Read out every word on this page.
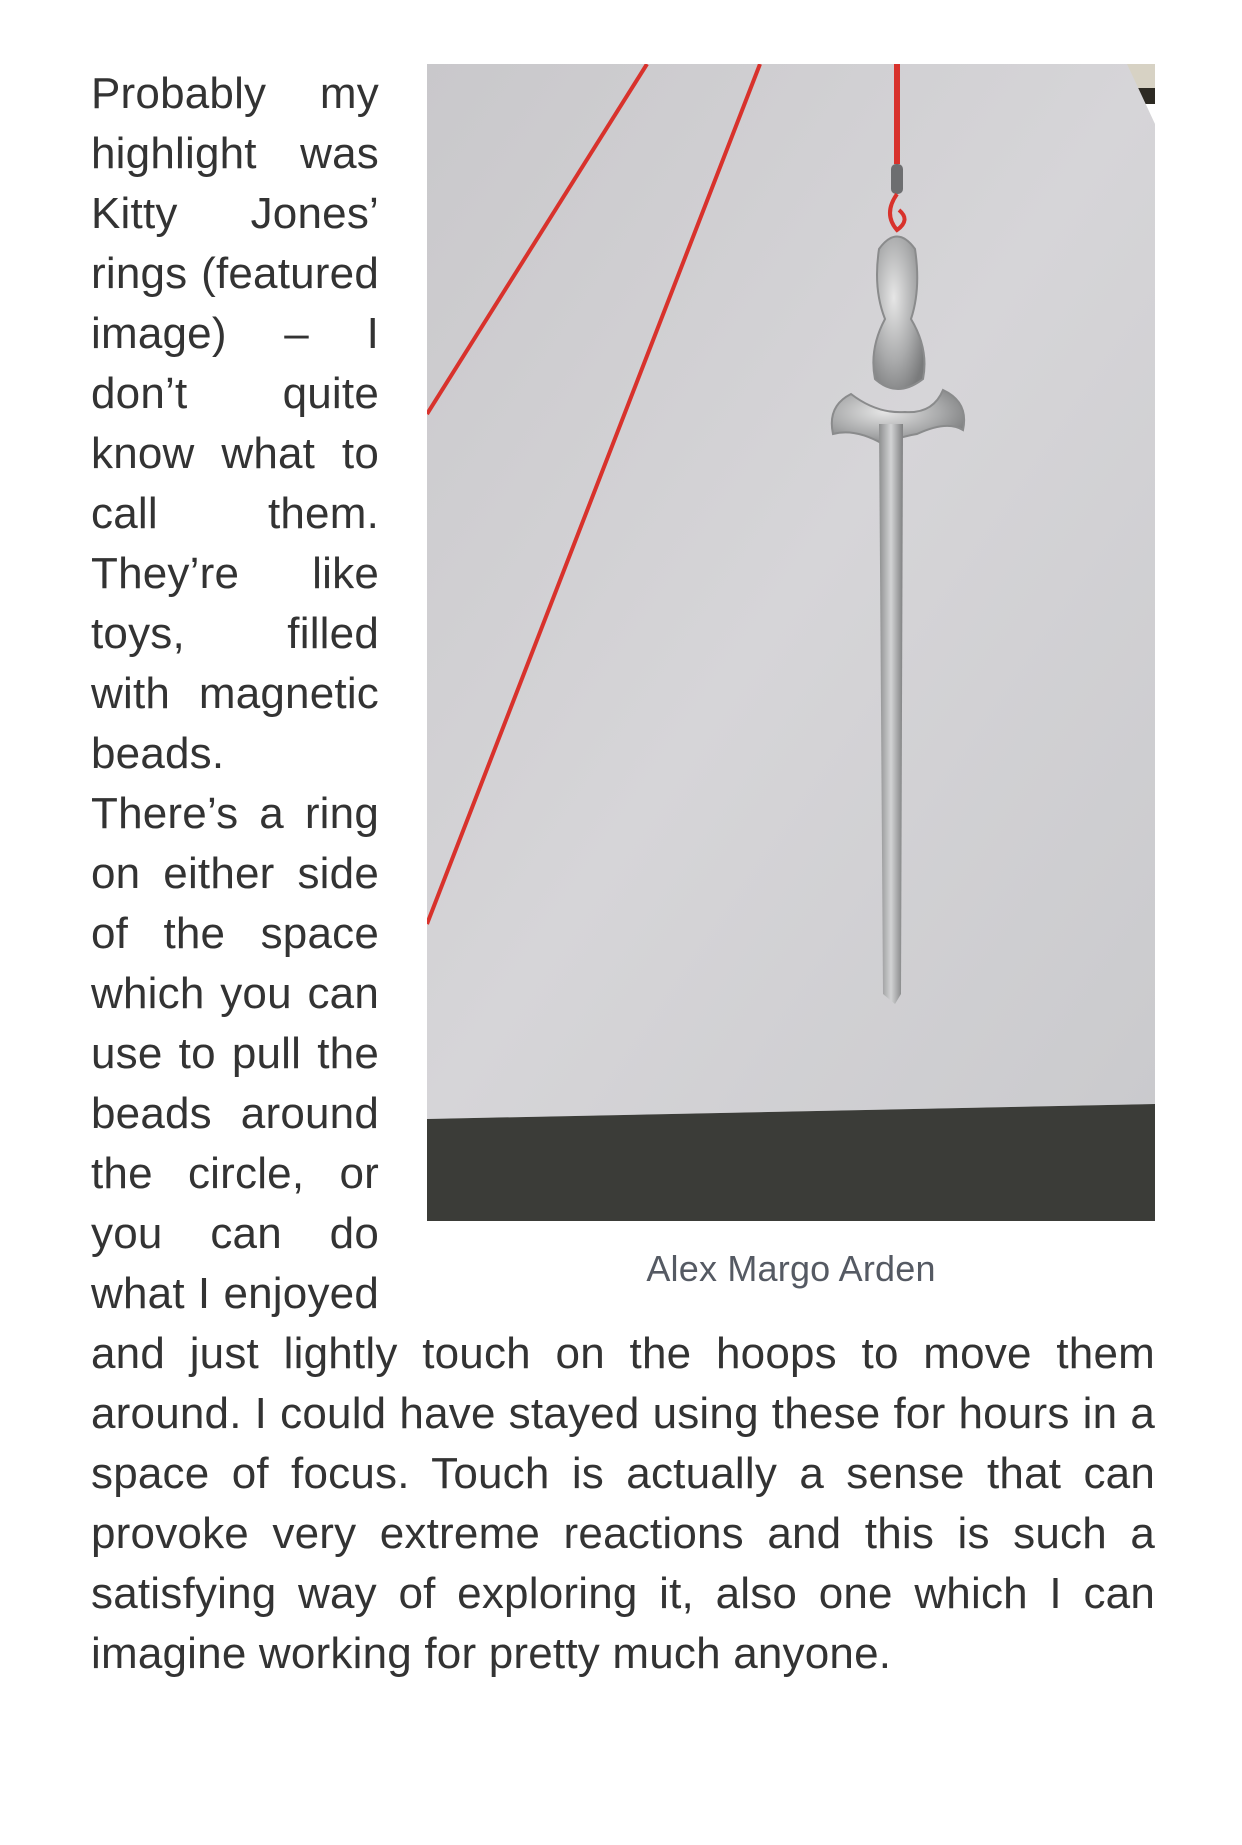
Alex Margo Arden

Probably my highlight was Kitty Jones’ rings (featured image) – I don’t quite know what to call them. They’re like toys, filled with magnetic beads. There’s a ring on either side of the space which you can use to pull the beads around the circle, or you can do what I enjoyed and just lightly touch on the hoops to move them around. I could have stayed using these for hours in a space of focus. Touch is actually a sense that can provoke very extreme reactions and this is such a satisfying way of exploring it, also one which I can imagine working for pretty much anyone.
